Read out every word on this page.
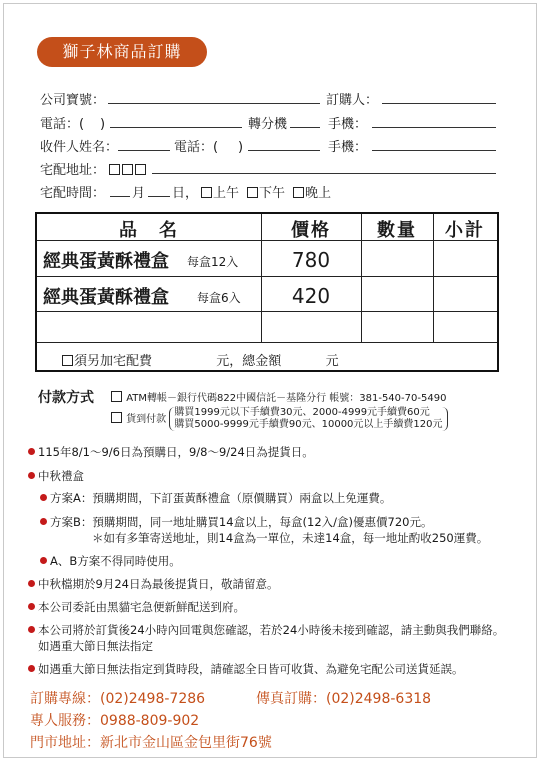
獅子林商品訂購
公司寶號：	訂購人：
電話：( )	轉分機	手機：
收件人姓名：	電話：( )	手機：
宅配地址：
宅配時間： 月 日，	上午	下午	晚上
品　名	價格	數量	小計
經典蛋黃酥禮盒 每盒12入	780
經典蛋黃酥禮盒 每盒6入	420
須另加宅配費	元，總金額	元
付款方式	ATM轉帳－銀行代碼822中國信託－基隆分行 帳號：381-540-70-5490
貨到付款
購買1999元以下手續費30元、2000-4999元手續費60元
購買5000-9999元手續費90元、10000元以上手續費120元
115年8/1～9/6日為預購日，9/8～9/24日為提貨日。
中秋禮盒
方案A：預購期間，下訂蛋黃酥禮盒（原價購買）兩盒以上免運費。
方案B：預購期間，同一地址購買14盒以上，每盒(12入/盒)優惠價720元。
＊如有多筆寄送地址，則14盒為一單位，未達14盒，每一地址酌收250運費。
A、B方案不得同時使用。
中秋檔期於9月24日為最後提貨日，敬請留意。
本公司委託由黑貓宅急便新鮮配送到府。
本公司將於訂貨後24小時內回電與您確認，若於24小時後未接到確認，請主動與我們聯絡。
如遇重大節日無法指定
如遇重大節日無法指定到貨時段，請確認全日皆可收貨、為避免宅配公司送貨延誤。
訂購專線：(02)2498-7286	傳真訂購：(02)2498-6318
專人服務：0988-809-902
門市地址：新北市金山區金包里街76號
